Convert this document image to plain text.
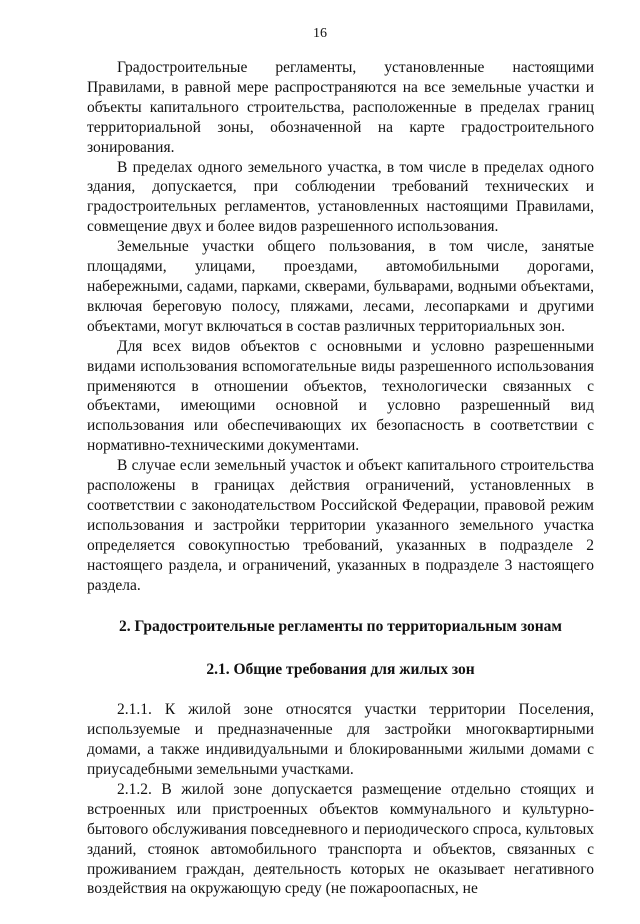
16

Градостроительные регламенты, установленные настоящими Правилами, в равной мере распространяются на все земельные участки и объекты капитального строительства, расположенные в пределах границ территориальной зоны, обозначенной на карте градостроительного зонирования.

В пределах одного земельного участка, в том числе в пределах одного здания, допускается, при соблюдении требований технических и градостроительных регламентов, установленных настоящими Правилами, совмещение двух и более видов разрешенного использования.

Земельные участки общего пользования, в том числе, занятые площадями, улицами, проездами, автомобильными дорогами, набережными, садами, парками, скверами, бульварами, водными объектами, включая береговую полосу, пляжами, лесами, лесопарками и другими объектами, могут включаться в состав различных территориальных зон.

Для всех видов объектов с основными и условно разрешенными видами использования вспомогательные виды разрешенного использования применяются в отношении объектов, технологически связанных с объектами, имеющими основной и условно разрешенный вид использования или обеспечивающих их безопасность в соответствии с нормативно-техническими документами.

В случае если земельный участок и объект капитального строительства расположены в границах действия ограничений, установленных в соответствии с законодательством Российской Федерации, правовой режим использования и застройки территории указанного земельного участка определяется совокупностью требований, указанных в подразделе 2 настоящего раздела, и ограничений, указанных в подразделе 3 настоящего раздела.

2. Градостроительные регламенты по территориальным зонам
2.1. Общие требования для жилых зон

2.1.1. К жилой зоне относятся участки территории Поселения, используемые и предназначенные для застройки многоквартирными домами, а также индивидуальными и блокированными жилыми домами с приусадебными земельными участками.

2.1.2. В жилой зоне допускается размещение отдельно стоящих и встроенных или пристроенных объектов коммунального и культурно-бытового обслуживания повседневного и периодического спроса, культовых зданий, стоянок автомобильного транспорта и объектов, связанных с проживанием граждан, деятельность которых не оказывает негативного воздействия на окружающую среду (не пожароопасных, не
